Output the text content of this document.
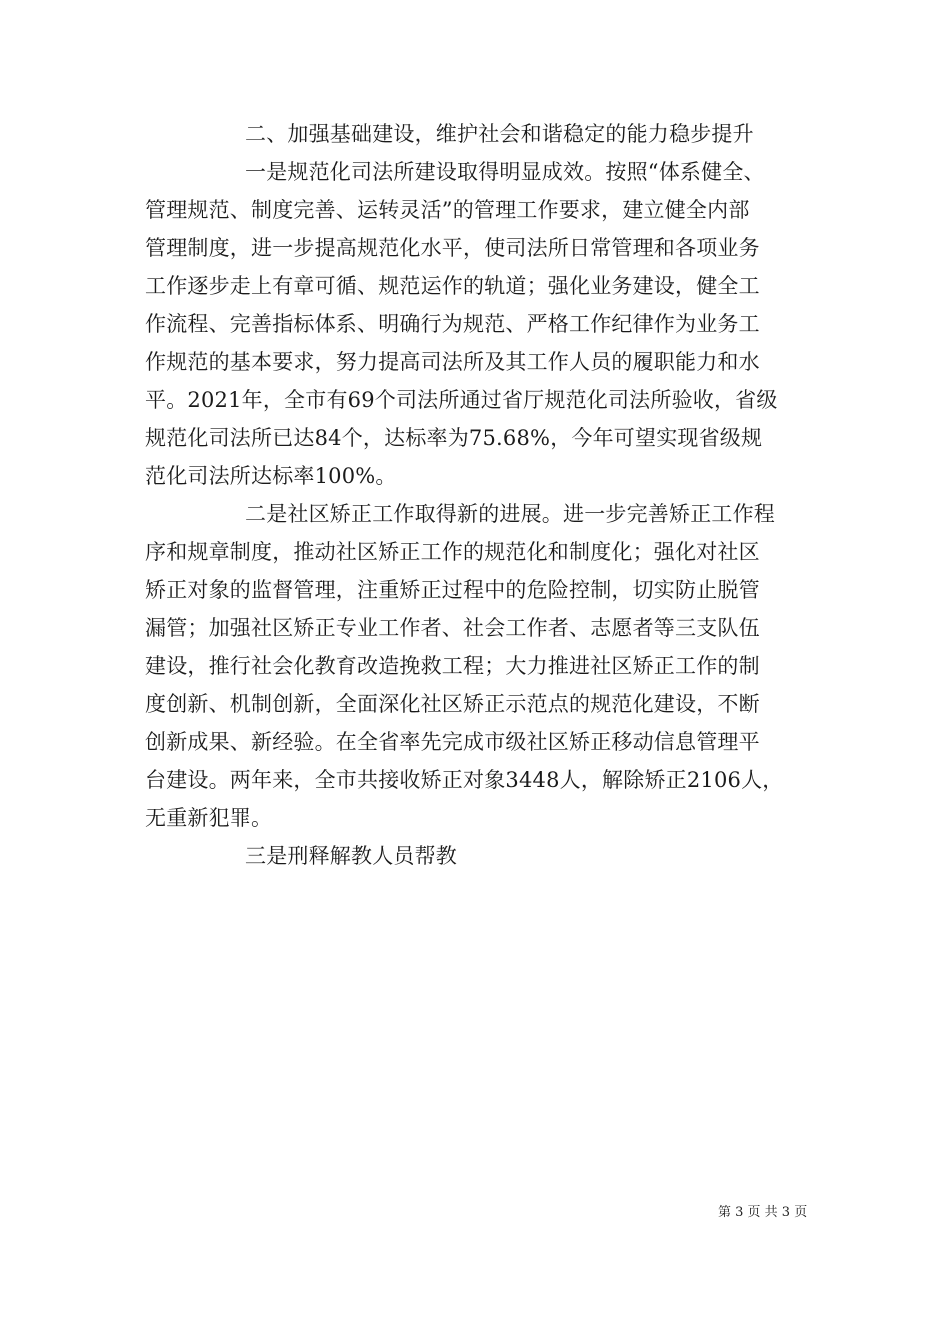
二、加强基础建设，维护社会和谐稳定的能力稳步提升
一是规范化司法所建设取得明显成效。按照“体系健全、
管理规范、制度完善、运转灵活”的管理工作要求，建立健全内部
管理制度，进一步提高规范化水平，使司法所日常管理和各项业务
工作逐步走上有章可循、规范运作的轨道；强化业务建设，健全工
作流程、完善指标体系、明确行为规范、严格工作纪律作为业务工
作规范的基本要求，努力提高司法所及其工作人员的履职能力和水
平。2021年，全市有69个司法所通过省厅规范化司法所验收，省级
规范化司法所已达84个，达标率为75.68%，今年可望实现省级规
范化司法所达标率100%。
二是社区矫正工作取得新的进展。进一步完善矫正工作程
序和规章制度，推动社区矫正工作的规范化和制度化；强化对社区
矫正对象的监督管理，注重矫正过程中的危险控制，切实防止脱管
漏管；加强社区矫正专业工作者、社会工作者、志愿者等三支队伍
建设，推行社会化教育改造挽救工程；大力推进社区矫正工作的制
度创新、机制创新，全面深化社区矫正示范点的规范化建设，不断
创新成果、新经验。在全省率先完成市级社区矫正移动信息管理平
台建设。两年来，全市共接收矫正对象3448人，解除矫正2106人，
无重新犯罪。
三是刑释解教人员帮教
第 3 页 共 3 页
